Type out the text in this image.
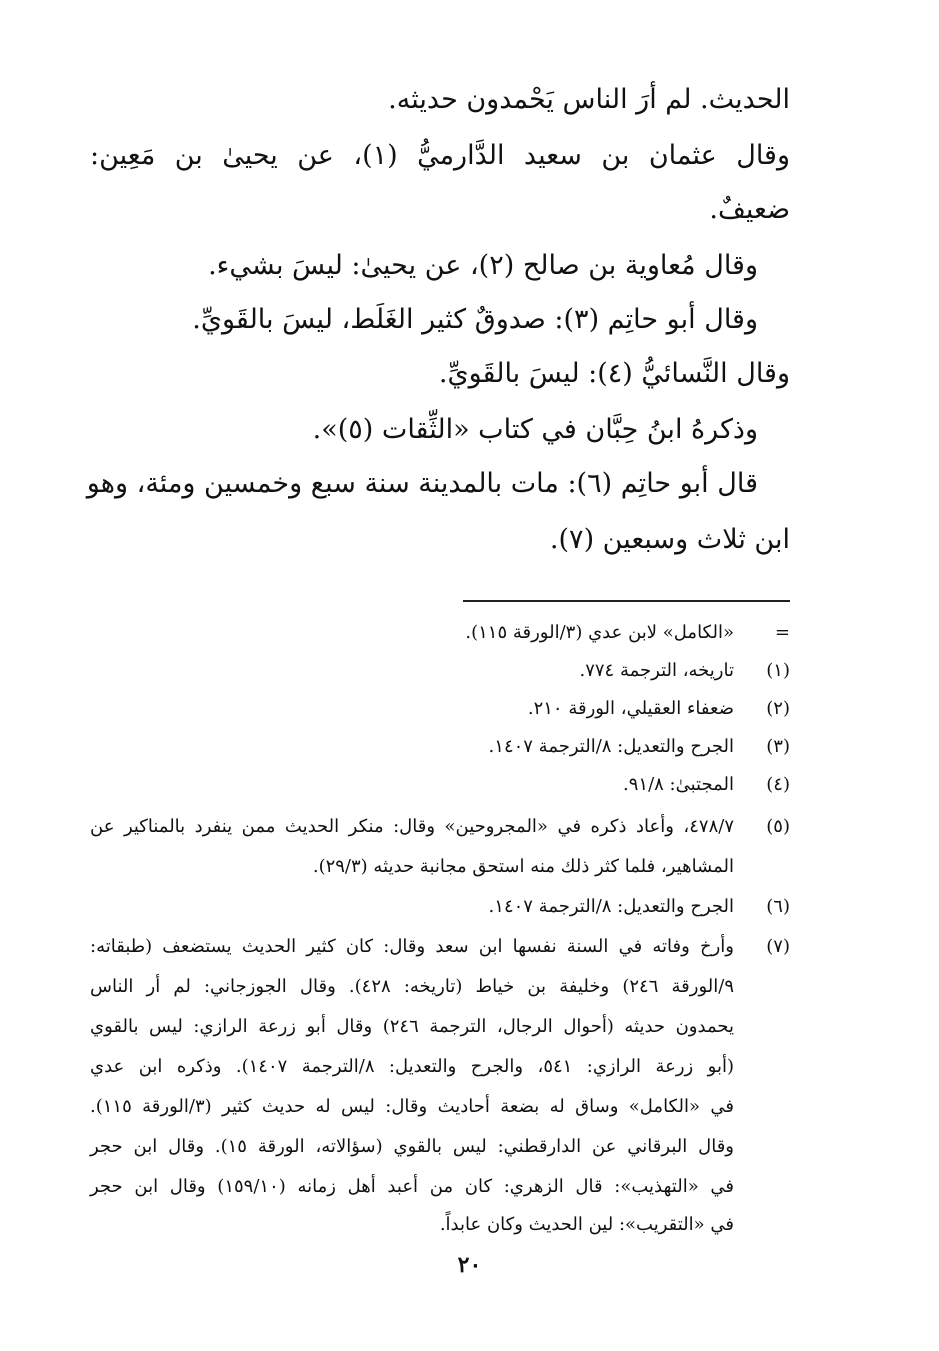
الحديث. لم أرَ الناس يَحْمدون حديثه.
وقال عثمان بن سعيد الدَّارميُّ (١)، عن يحيىٰ بن مَعِين:
ضعيفٌ.
وقال مُعاوية بن صالح (٢)، عن يحيىٰ: ليسَ بشيء.
وقال أبو حاتِم (٣): صدوقٌ كثير الغَلَط، ليسَ بالقَويِّ.
وقال النَّسائيُّ (٤): ليسَ بالقَويِّ.
وذكرهُ ابنُ حِبَّان في كتاب «الثِّقات (٥)».
قال أبو حاتِم (٦): مات بالمدينة سنة سبع وخمسين ومئة، وهو
ابن ثلاث وسبعين (٧).
=
«الكامل» لابن عدي (٣/الورقة ١١٥).
(١)
تاريخه، الترجمة ٧٧٤.
(٢)
ضعفاء العقيلي، الورقة ٢١٠.
(٣)
الجرح والتعديل: ٨/الترجمة ١٤٠٧.
(٤)
المجتبىٰ: ٩١/٨.
(٥)
٤٧٨/٧، وأعاد ذكره في «المجروحين» وقال: منكر الحديث ممن ينفرد بالمناكير عن
المشاهير، فلما كثر ذلك منه استحق مجانبة حديثه (٢٩/٣).
(٦)
الجرح والتعديل: ٨/الترجمة ١٤٠٧.
(٧)
وأرخ وفاته في السنة نفسها ابن سعد وقال: كان كثير الحديث يستضعف (طبقاته:
٩/الورقة ٢٤٦) وخليفة بن خياط (تاريخه: ٤٢٨). وقال الجوزجاني: لم أر الناس
يحمدون حديثه (أحوال الرجال، الترجمة ٢٤٦) وقال أبو زرعة الرازي: ليس بالقوي
(أبو زرعة الرازي: ٥٤١، والجرح والتعديل: ٨/الترجمة ١٤٠٧). وذكره ابن عدي
في «الكامل» وساق له بضعة أحاديث وقال: ليس له حديث كثير (٣/الورقة ١١٥).
وقال البرقاني عن الدارقطني: ليس بالقوي (سؤالاته، الورقة ١٥). وقال ابن حجر
في «التهذيب»: قال الزهري: كان من أعبد أهل زمانه (١٥٩/١٠) وقال ابن حجر
في «التقريب»: لين الحديث وكان عابداً.
٢٠
